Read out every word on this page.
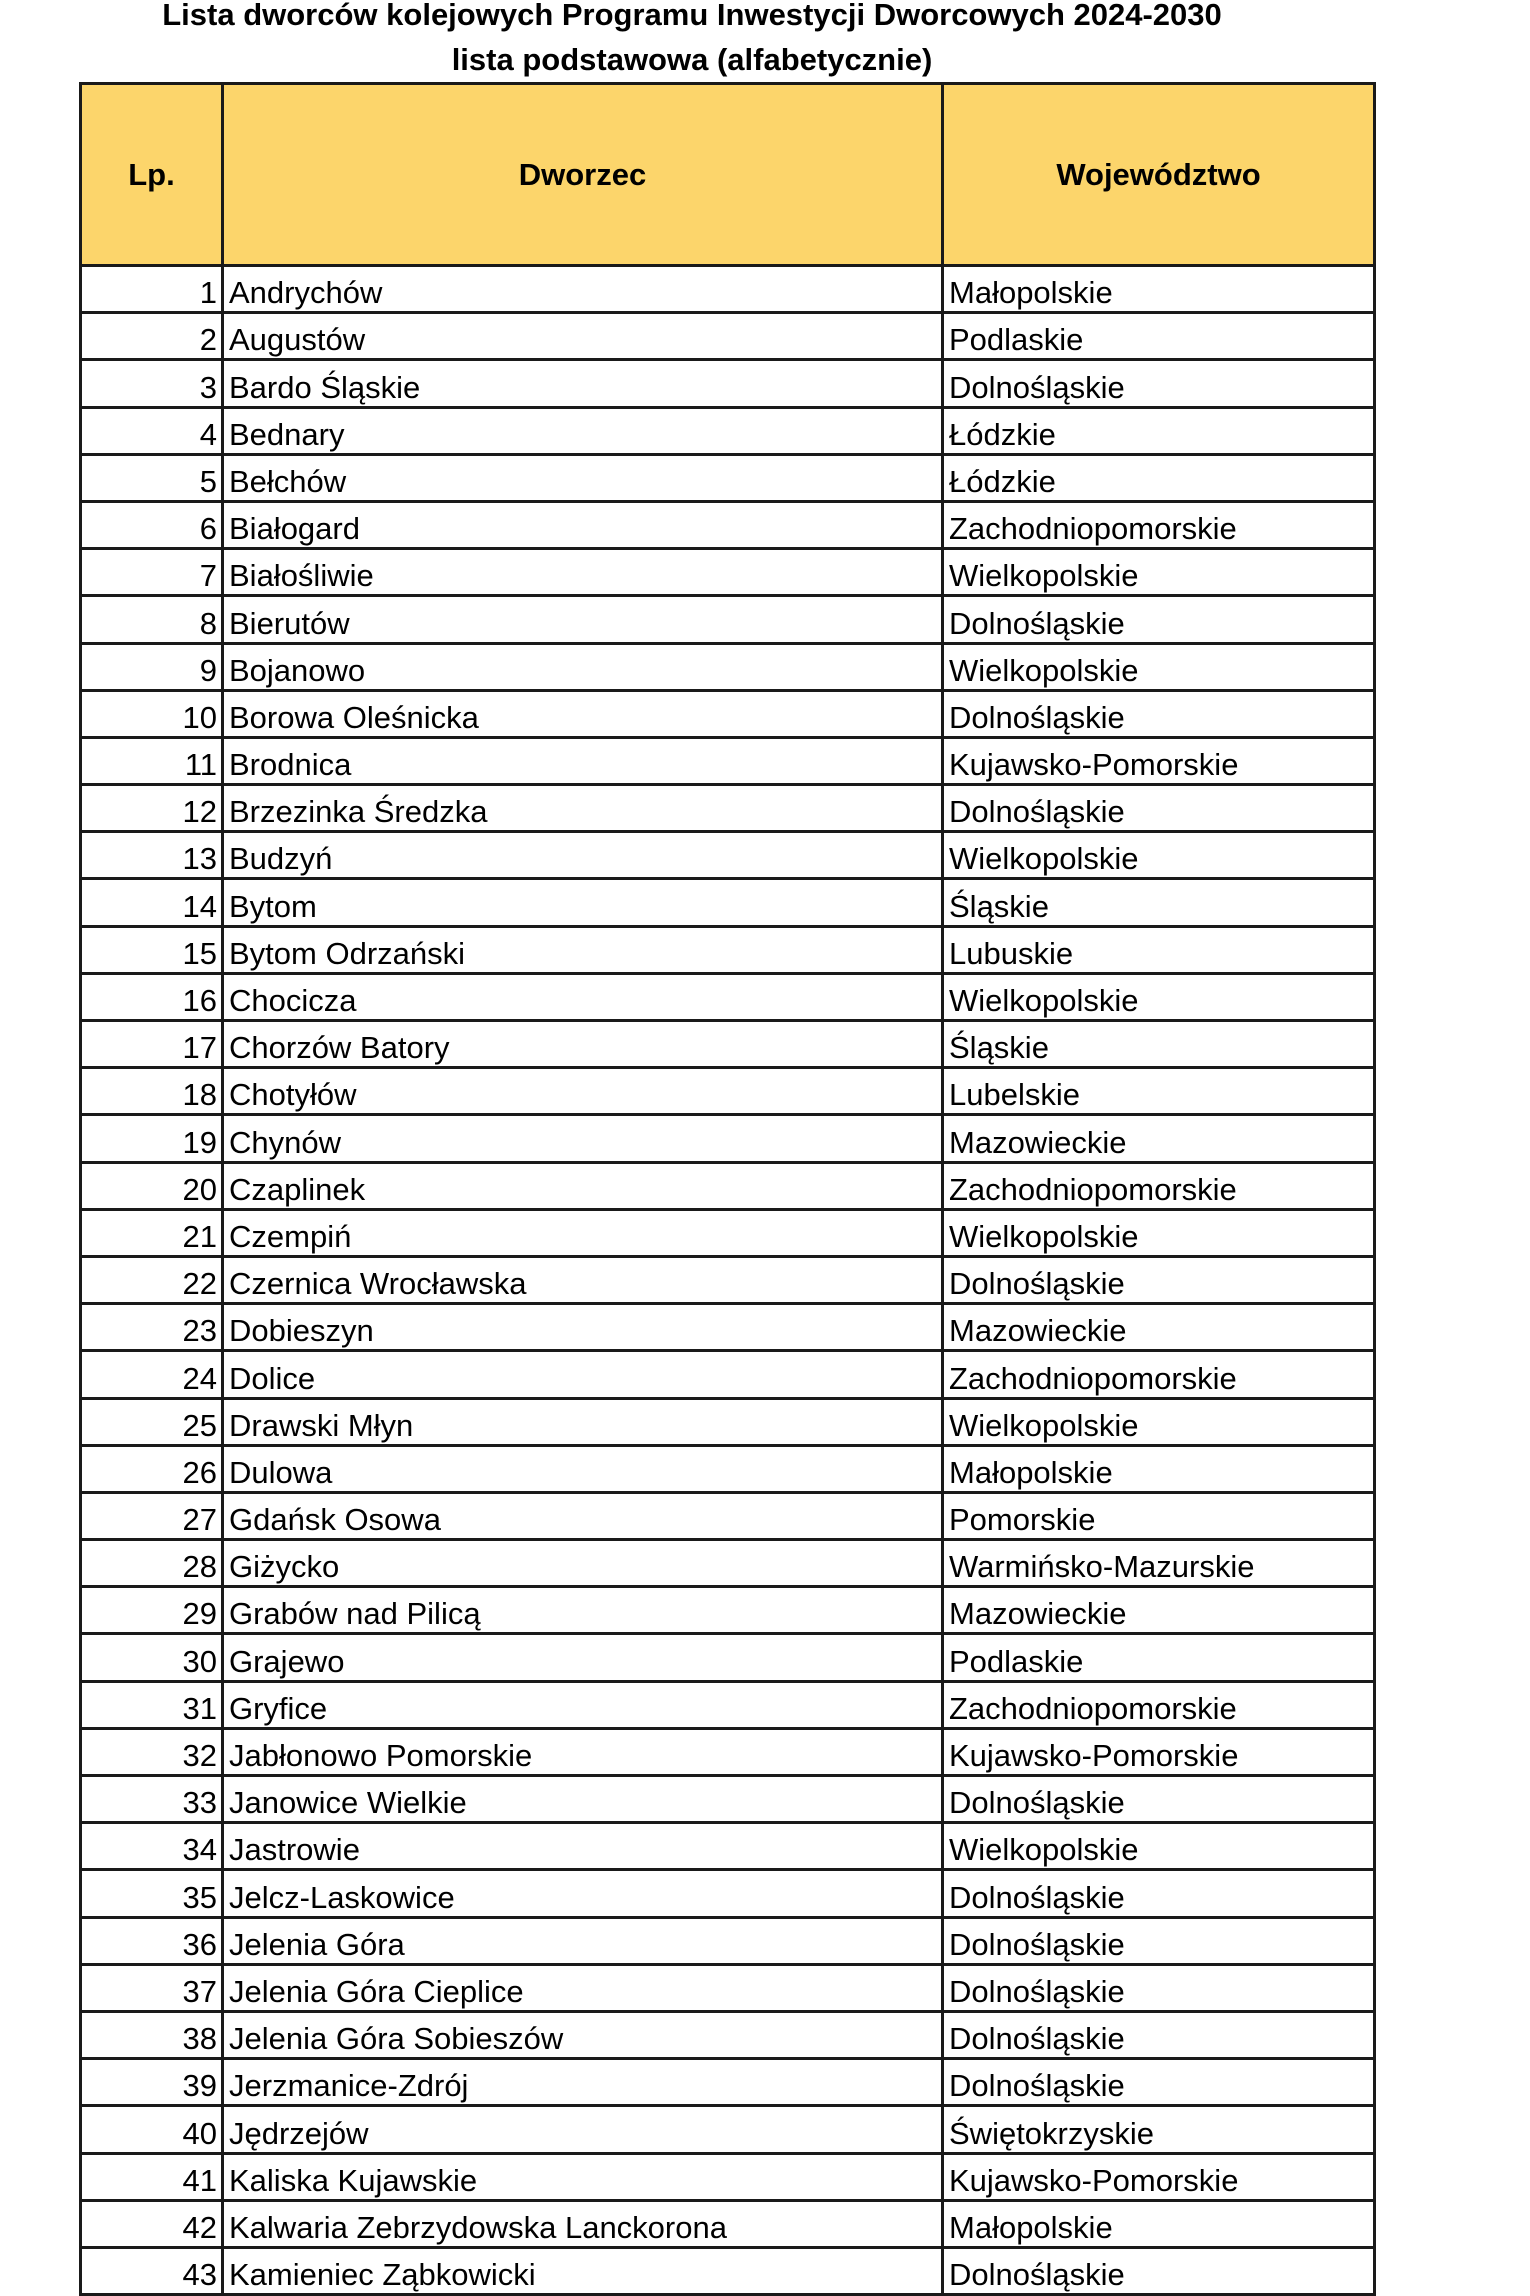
Lista dworców kolejowych Programu Inwestycji Dworcowych 2024-2030
lista podstawowa (alfabetycznie)
Lp.	Dworzec	Województwo
1	Andrychów	Małopolskie
2	Augustów	Podlaskie
3	Bardo Śląskie	Dolnośląskie
4	Bednary	Łódzkie
5	Bełchów	Łódzkie
6	Białogard	Zachodniopomorskie
7	Białośliwie	Wielkopolskie
8	Bierutów	Dolnośląskie
9	Bojanowo	Wielkopolskie
10	Borowa Oleśnicka	Dolnośląskie
11	Brodnica	Kujawsko-Pomorskie
12	Brzezinka Średzka	Dolnośląskie
13	Budzyń	Wielkopolskie
14	Bytom	Śląskie
15	Bytom Odrzański	Lubuskie
16	Chocicza	Wielkopolskie
17	Chorzów Batory	Śląskie
18	Chotyłów	Lubelskie
19	Chynów	Mazowieckie
20	Czaplinek	Zachodniopomorskie
21	Czempiń	Wielkopolskie
22	Czernica Wrocławska	Dolnośląskie
23	Dobieszyn	Mazowieckie
24	Dolice	Zachodniopomorskie
25	Drawski Młyn	Wielkopolskie
26	Dulowa	Małopolskie
27	Gdańsk Osowa	Pomorskie
28	Giżycko	Warmińsko-Mazurskie
29	Grabów nad Pilicą	Mazowieckie
30	Grajewo	Podlaskie
31	Gryfice	Zachodniopomorskie
32	Jabłonowo Pomorskie	Kujawsko-Pomorskie
33	Janowice Wielkie	Dolnośląskie
34	Jastrowie	Wielkopolskie
35	Jelcz-Laskowice	Dolnośląskie
36	Jelenia Góra	Dolnośląskie
37	Jelenia Góra Cieplice	Dolnośląskie
38	Jelenia Góra Sobieszów	Dolnośląskie
39	Jerzmanice-Zdrój	Dolnośląskie
40	Jędrzejów	Świętokrzyskie
41	Kaliska Kujawskie	Kujawsko-Pomorskie
42	Kalwaria Zebrzydowska Lanckorona	Małopolskie
43	Kamieniec Ząbkowicki	Dolnośląskie
